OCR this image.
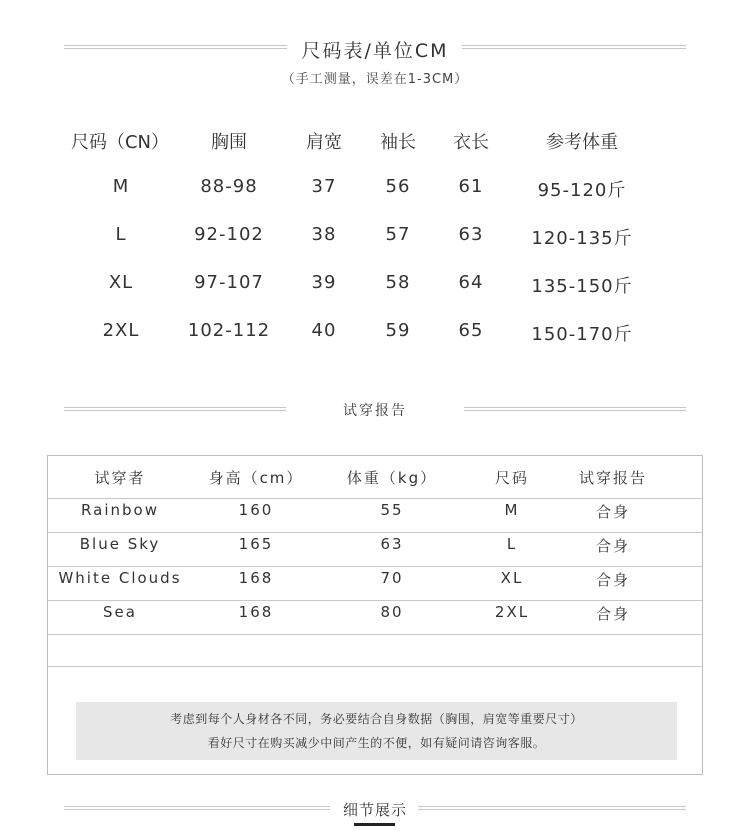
尺码表/单位CM
（手工测量，误差在1-3CM）
尺码（CN）	胸围	肩宽	袖长	衣长	参考体重
M	88-98	37	56	61	95-120斤
L	92-102	38	57	63	120-135斤
XL	97-107	39	58	64	135-150斤
2XL	102-112	40	59	65	150-170斤
试穿报告
试穿者	身高（cm）	体重（kg）	尺码	试穿报告
Rainbow	160	55	M	合身
Blue Sky	165	63	L	合身
White Clouds	168	70	XL	合身
Sea	168	80	2XL	合身
考虑到每个人身材各不同，务必要结合自身数据（胸围，肩宽等重要尺寸）
看好尺寸在购买减少中间产生的不便，如有疑问请咨询客服。
细节展示
